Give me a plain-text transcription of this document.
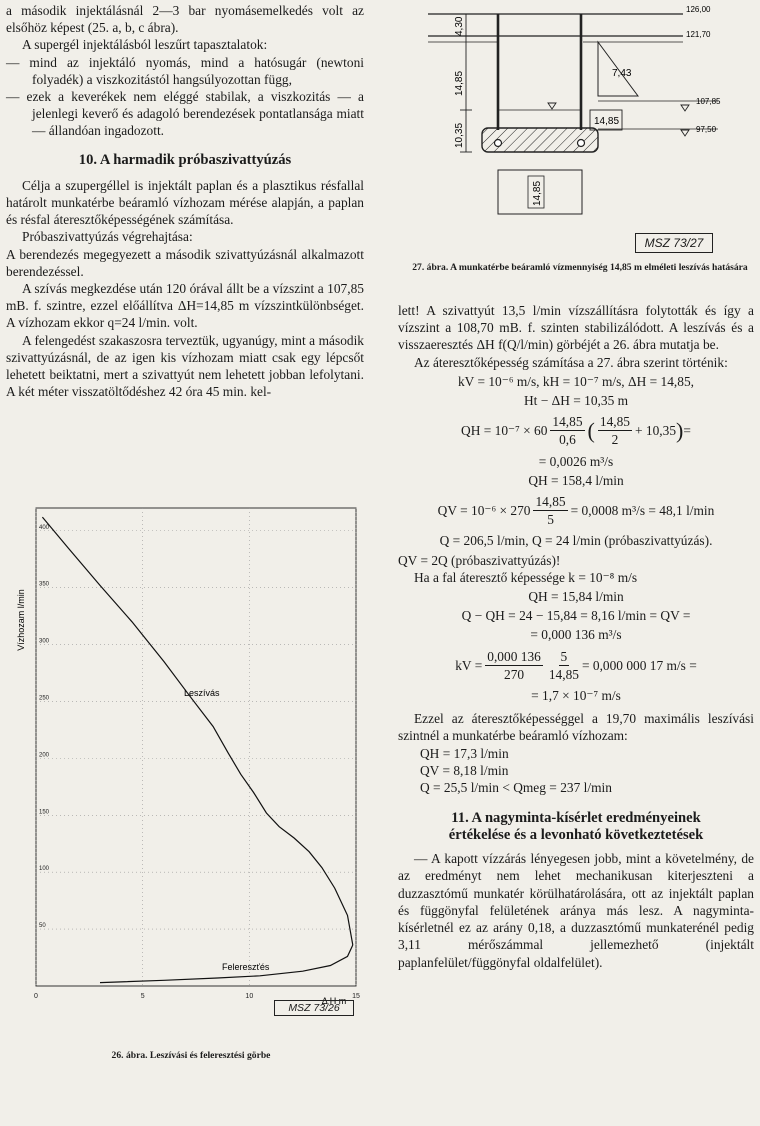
a második injektálásnál 2—3 bar nyomásemelkedés volt az elsőhöz képest (25. a, b, c ábra).

A supergél injektálásból leszűrt tapasztalatok:

— mind az injektáló nyomás, mind a hatósugár (newtoni folyadék) a viszkozitástól hangsúlyozottan függ,

— ezek a keverékek nem eléggé stabilak, a viszkozitás — a jelenlegi keverő és adagoló berendezések pontatlansága miatt — állandóan ingadozott.

10. A harmadik próbaszivattyúzás

Célja a szupergéllel is injektált paplan és a plasztikus résfallal határolt munkatérbe beáramló vízhozam mérése alapján, a paplan és résfal áteresztőképességének számítása.

Próbaszivattyúzás végrehajtása:

A berendezés megegyezett a második szivattyúzásnál alkalmazott berendezéssel.

A szívás megkezdése után 120 órával állt be a vízszint a 107,85 mB. f. szintre, ezzel előállítva ΔH=14,85 m vízszintkülönbséget. A vízhozam ekkor q=24 l/min. volt.

A felengedést szakaszosra terveztük, ugyanúgy, mint a második szivattyúzásnál, de az igen kis vízhozam miatt csak egy lépcsőt lehetett beiktatni, mert a szivattyút nem lehetett jobban lefolytani. A két méter visszatöltődéshez 42 óra 45 min. kel-

400
350
300
250
200
150
100
50
0	5	10	15
Vízhozam l/min
Δ H m
Leszívás
Felereszťés
MSZ 73/26
26. ábra. Leszívási és feleresztési görbe
126,00
121,70
107,85
97,50
4,30
14,85
10,35
7,43
14,85
14,85
MSZ 73/27
27. ábra. A munkatérbe beáramló vízmennyiség 14,85 m elméleti leszívás hatására

lett! A szivattyút 13,5 l/min vízszállításra folytották és így a vízszint a 108,70 mB. f. szinten stabilizálódott. A leszívás és a visszaeresztés ΔH f(Q/l/min) görbéjét a 26. ábra mutatja be.

Az áteresztőképesség számítása a 27. ábra szerint történik:

kV = 10⁻⁶ m/s, kH = 10⁻⁷ m/s, ΔH = 14,85,

Ht − ΔH = 10,35 m

QH = 10⁻⁷ × 60
14,85
0,6 ( 14,85
2
+ 10,35 ) =

= 0,0026 m³/s

QH = 158,4 l/min

QV = $10^{-6} \times 270 \frac{14,85}{5} = 0,0008$ m³/s = 48,1 l/min

Q = 206,5 l/min, Q = 24 l/min (próbaszivattyúzás).

QV = 2Q (próbaszivattyúzás)!

Ha a fal áteresztő képessége k = 10⁻⁸ m/s

QH = 15,84 l/min

Q − QH = 24 − 15,84 = 8,16 l/min = QV =

= 0,000 136 m³/s

kV = $\frac{0,000 136}{270} \frac{5}{14,85} = 0,000$ 000 17 m/s =

= 1,7 × 10⁻⁷ m/s

Ezzel az áteresztőképességgel a 19,70 maximális leszívási szintnél a munkatérbe beáramló vízhozam:

QH = 17,3 l/min

QV = 8,18 l/min

Q = 25,5 l/min < Qmeg = 237 l/min

11. A nagyminta-kísérlet eredményeinek
értékelése és a levonható következtetések

— A kapott vízzárás lényegesen jobb, mint a követelmény, de az eredményt nem lehet mechanikusan kiterjeszteni a duzzasztómű munkatér körülhatárolására, ott az injektált paplan és függönyfal felületének aránya más lesz. A nagyminta-kísérletnél ez az arány 0,18, a duzzasztómű munkaterénél pedig 3,11 mérőszámmal jellemezhető (injektált paplanfelület/függönyfal oldalfelület).
